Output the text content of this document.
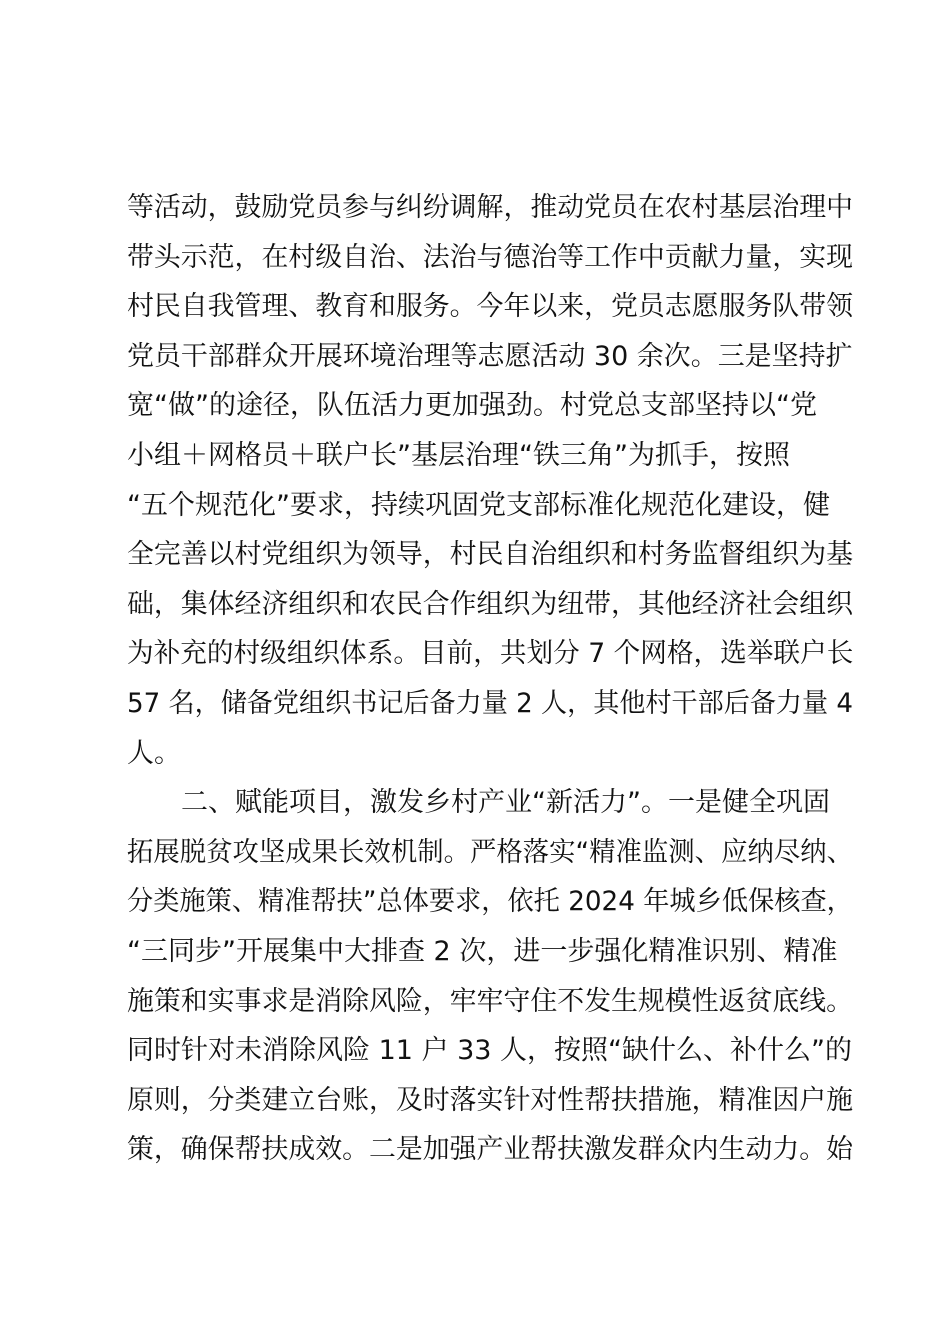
等活动，鼓励党员参与纠纷调解，推动党员在农村基层治理中
带头示范，在村级自治、法治与德治等工作中贡献力量，实现
村民自我管理、教育和服务。今年以来，党员志愿服务队带领
党员干部群众开展环境治理等志愿活动 30 余次。三是坚持扩
宽“做”的途径，队伍活力更加强劲。村党总支部坚持以“党
小组＋网格员＋联户长”基层治理“铁三角”为抓手，按照
“五个规范化”要求，持续巩固党支部标准化规范化建设，健
全完善以村党组织为领导，村民自治组织和村务监督组织为基
础，集体经济组织和农民合作组织为纽带，其他经济社会组织
为补充的村级组织体系。目前，共划分 7 个网格，选举联户长
57 名，储备党组织书记后备力量 2 人，其他村干部后备力量 4
人。
　　二、赋能项目，激发乡村产业“新活力”。一是健全巩固
拓展脱贫攻坚成果长效机制。严格落实“精准监测、应纳尽纳、
分类施策、精准帮扶”总体要求，依托 2024 年城乡低保核查，
“三同步”开展集中大排查 2 次，进一步强化精准识别、精准
施策和实事求是消除风险，牢牢守住不发生规模性返贫底线。
同时针对未消除风险 11 户 33 人，按照“缺什么、补什么”的
原则，分类建立台账，及时落实针对性帮扶措施，精准因户施
策，确保帮扶成效。二是加强产业帮扶激发群众内生动力。始
